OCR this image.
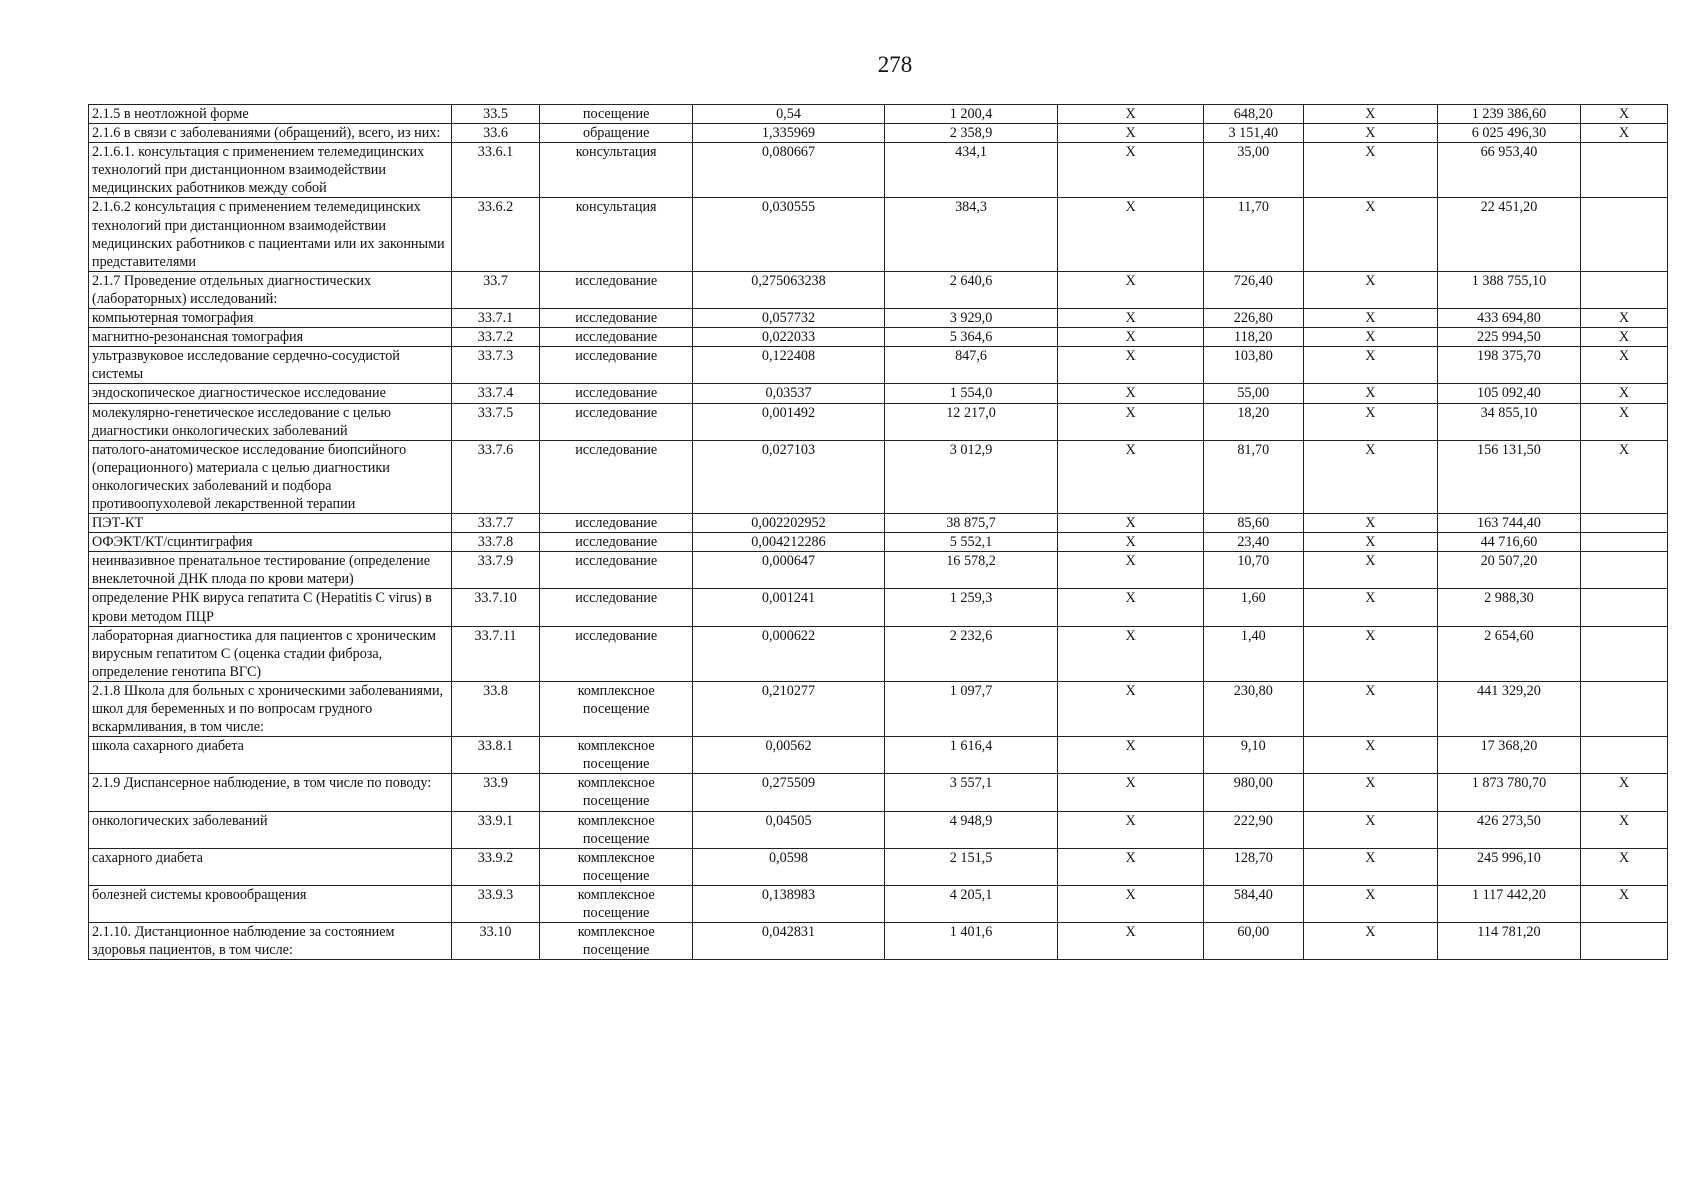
278
2.1.5 в неотложной форме	33.5	посещение	0,54	1 200,4	X	648,20	X	1 239 386,60	X
2.1.6 в связи с заболеваниями (обращений), всего, из них:	33.6	обращение	1,335969	2 358,9	X	3 151,40	X	6 025 496,30	X
2.1.6.1. консультация с применением телемедицинских технологий при дистанционном взаимодействии медицинских работников между собой	33.6.1	консультация	0,080667	434,1	X	35,00	X	66 953,40	
2.1.6.2 консультация с применением телемедицинских технологий при дистанционном взаимодействии медицинских работников с пациентами или их законными представителями	33.6.2	консультация	0,030555	384,3	X	11,70	X	22 451,20	
2.1.7 Проведение отдельных диагностических (лабораторных) исследований:	33.7	исследование	0,275063238	2 640,6	X	726,40	X	1 388 755,10	
компьютерная томография	33.7.1	исследование	0,057732	3 929,0	X	226,80	X	433 694,80	X
магнитно-резонансная томография	33.7.2	исследование	0,022033	5 364,6	X	118,20	X	225 994,50	X
ультразвуковое исследование сердечно-сосудистой системы	33.7.3	исследование	0,122408	847,6	X	103,80	X	198 375,70	X
эндоскопическое диагностическое исследование	33.7.4	исследование	0,03537	1 554,0	X	55,00	X	105 092,40	X
молекулярно-генетическое исследование с целью диагностики онкологических заболеваний	33.7.5	исследование	0,001492	12 217,0	X	18,20	X	34 855,10	X
патолого-анатомическое исследование биопсийного (операционного) материала с целью диагностики онкологических заболеваний и подбора противоопухолевой лекарственной терапии	33.7.6	исследование	0,027103	3 012,9	X	81,70	X	156 131,50	X
ПЭТ-КТ	33.7.7	исследование	0,002202952	38 875,7	X	85,60	X	163 744,40	
ОФЭКТ/КТ/сцинтиграфия	33.7.8	исследование	0,004212286	5 552,1	X	23,40	X	44 716,60	
неинвазивное пренатальное тестирование (определение внеклеточной ДНК плода по крови матери)	33.7.9	исследование	0,000647	16 578,2	X	10,70	X	20 507,20	
определение РНК вируса гепатита С (Hepatitis C virus) в крови методом ПЦР	33.7.10	исследование	0,001241	1 259,3	X	1,60	X	2 988,30	
лабораторная диагностика для пациентов с хроническим вирусным гепатитом С (оценка стадии фиброза, определение генотипа ВГС)	33.7.11	исследование	0,000622	2 232,6	X	1,40	X	2 654,60	
2.1.8 Школа для больных с хроническими заболеваниями, школ для беременных и по вопросам грудного вскармливания, в том числе:	33.8	комплексное посещение	0,210277	1 097,7	X	230,80	X	441 329,20	
школа сахарного диабета	33.8.1	комплексное посещение	0,00562	1 616,4	X	9,10	X	17 368,20	
2.1.9 Диспансерное наблюдение, в том числе по поводу:	33.9	комплексное посещение	0,275509	3 557,1	X	980,00	X	1 873 780,70	X
онкологических заболеваний	33.9.1	комплексное посещение	0,04505	4 948,9	X	222,90	X	426 273,50	X
сахарного диабета	33.9.2	комплексное посещение	0,0598	2 151,5	X	128,70	X	245 996,10	X
болезней системы кровообращения	33.9.3	комплексное посещение	0,138983	4 205,1	X	584,40	X	1 117 442,20	X
2.1.10. Дистанционное наблюдение за состоянием здоровья пациентов, в том числе:	33.10	комплексное посещение	0,042831	1 401,6	X	60,00	X	114 781,20	
